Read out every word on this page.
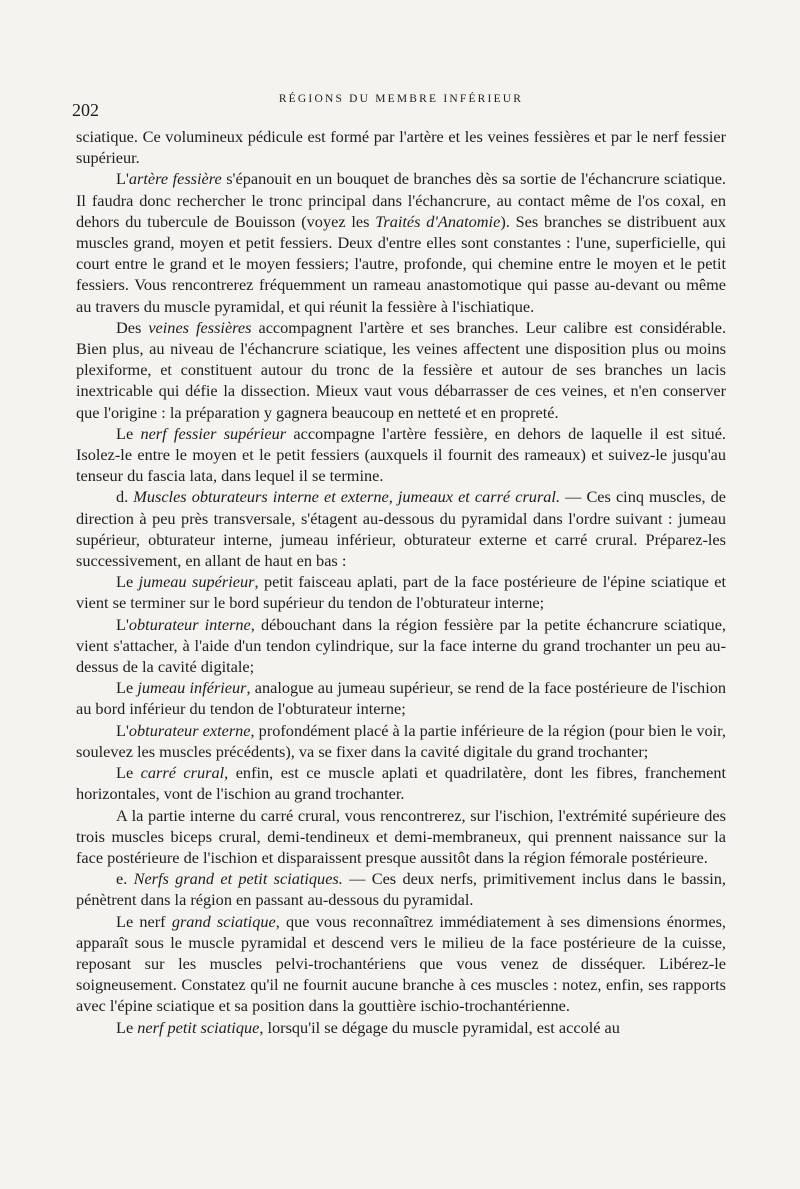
202
RÉGIONS DU MEMBRE INFÉRIEUR

sciatique. Ce volumineux pédicule est formé par l'artère et les veines fessières et par le nerf fessier supérieur.

L'artère fessière s'épanouit en un bouquet de branches dès sa sortie de l'échancrure sciatique. Il faudra donc rechercher le tronc principal dans l'échancrure, au contact même de l'os coxal, en dehors du tubercule de Bouisson (voyez les Traités d'Anatomie). Ses branches se distribuent aux muscles grand, moyen et petit fessiers. Deux d'entre elles sont constantes : l'une, superficielle, qui court entre le grand et le moyen fessiers; l'autre, profonde, qui chemine entre le moyen et le petit fessiers. Vous rencontrerez fréquemment un rameau anastomotique qui passe au-devant ou même au travers du muscle pyramidal, et qui réunit la fessière à l'ischiatique.

Des veines fessières accompagnent l'artère et ses branches. Leur calibre est considérable. Bien plus, au niveau de l'échancrure sciatique, les veines affectent une disposition plus ou moins plexiforme, et constituent autour du tronc de la fessière et autour de ses branches un lacis inextricable qui défie la dissection. Mieux vaut vous débarrasser de ces veines, et n'en conserver que l'origine : la préparation y gagnera beaucoup en netteté et en propreté.

Le nerf fessier supérieur accompagne l'artère fessière, en dehors de laquelle il est situé. Isolez-le entre le moyen et le petit fessiers (auxquels il fournit des rameaux) et suivez-le jusqu'au tenseur du fascia lata, dans lequel il se termine.

d. Muscles obturateurs interne et externe, jumeaux et carré crural. — Ces cinq muscles, de direction à peu près transversale, s'étagent au-dessous du pyramidal dans l'ordre suivant : jumeau supérieur, obturateur interne, jumeau inférieur, obturateur externe et carré crural. Préparez-les successivement, en allant de haut en bas :

Le jumeau supérieur, petit faisceau aplati, part de la face postérieure de l'épine sciatique et vient se terminer sur le bord supérieur du tendon de l'obturateur interne;

L'obturateur interne, débouchant dans la région fessière par la petite échancrure sciatique, vient s'attacher, à l'aide d'un tendon cylindrique, sur la face interne du grand trochanter un peu au-dessus de la cavité digitale;

Le jumeau inférieur, analogue au jumeau supérieur, se rend de la face postérieure de l'ischion au bord inférieur du tendon de l'obturateur interne;

L'obturateur externe, profondément placé à la partie inférieure de la région (pour bien le voir, soulevez les muscles précédents), va se fixer dans la cavité digitale du grand trochanter;

Le carré crural, enfin, est ce muscle aplati et quadrilatère, dont les fibres, franchement horizontales, vont de l'ischion au grand trochanter.

A la partie interne du carré crural, vous rencontrerez, sur l'ischion, l'extrémité supérieure des trois muscles biceps crural, demi-tendineux et demi-membraneux, qui prennent naissance sur la face postérieure de l'ischion et disparaissent presque aussitôt dans la région fémorale postérieure.

e. Nerfs grand et petit sciatiques. — Ces deux nerfs, primitivement inclus dans le bassin, pénètrent dans la région en passant au-dessous du pyramidal.

Le nerf grand sciatique, que vous reconnaîtrez immédiatement à ses dimensions énormes, apparaît sous le muscle pyramidal et descend vers le milieu de la face postérieure de la cuisse, reposant sur les muscles pelvi-trochantériens que vous venez de disséquer. Libérez-le soigneusement. Constatez qu'il ne fournit aucune branche à ces muscles : notez, enfin, ses rapports avec l'épine sciatique et sa position dans la gouttière ischio-trochantérienne.

Le nerf petit sciatique, lorsqu'il se dégage du muscle pyramidal, est accolé au
